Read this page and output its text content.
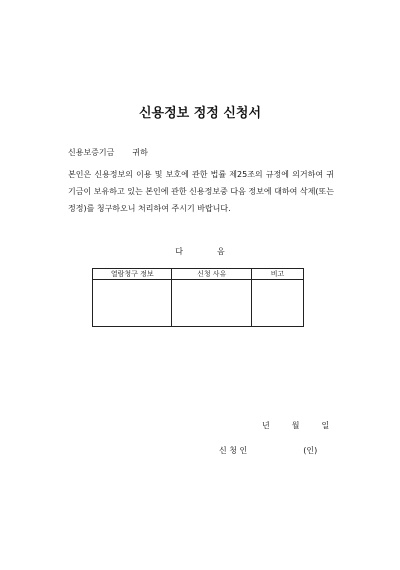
신용정보 정정 신청서
신용보증기금 귀하
본인은 신용정보의 이용 및 보호에 관한 법률 제25조의 규정에 의거하여 귀 기금이 보유하고 있는 본인에 관한 신용정보중 다음 정보에 대하여 삭제(또는 정정)를 청구하오니 처리하여 주시기 바랍니다.
다음
열람청구 정보	신청 사유	비고

년	월	일
신 청 인	(인)
